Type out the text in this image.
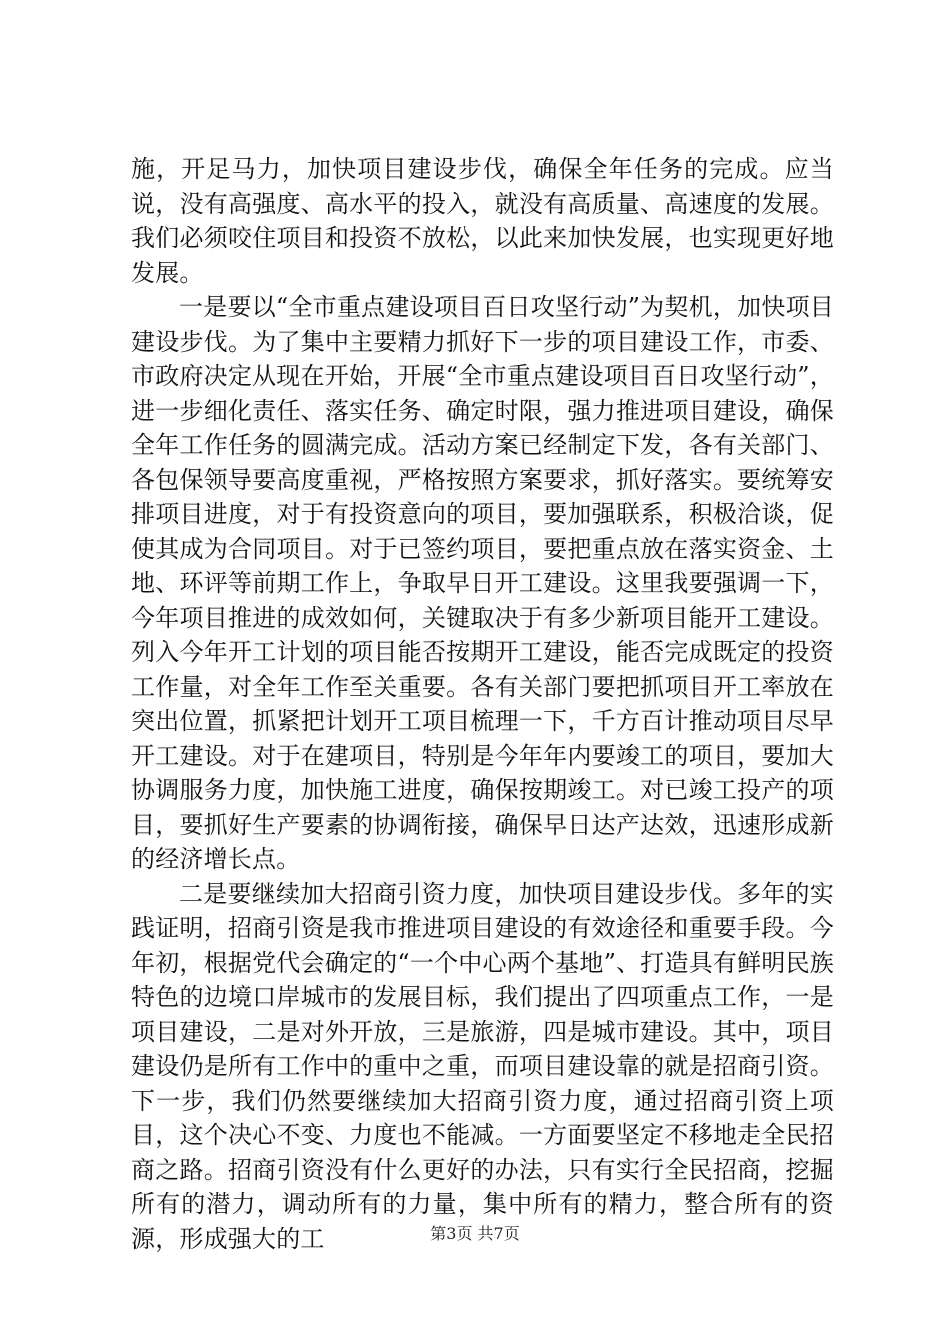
施，开足马力，加快项目建设步伐，确保全年任务的完成。应当说，没有高强度、高水平的投入，就没有高质量、高速度的发展。我们必须咬住项目和投资不放松，以此来加快发展，也实现更好地发展。

一是要以“全市重点建设项目百日攻坚行动”为契机，加快项目建设步伐。为了集中主要精力抓好下一步的项目建设工作，市委、市政府决定从现在开始，开展“全市重点建设项目百日攻坚行动”，进一步细化责任、落实任务、确定时限，强力推进项目建设，确保全年工作任务的圆满完成。活动方案已经制定下发，各有关部门、各包保领导要高度重视，严格按照方案要求，抓好落实。要统筹安排项目进度，对于有投资意向的项目，要加强联系，积极洽谈，促使其成为合同项目。对于已签约项目，要把重点放在落实资金、土地、环评等前期工作上，争取早日开工建设。这里我要强调一下，今年项目推进的成效如何，关键取决于有多少新项目能开工建设。列入今年开工计划的项目能否按期开工建设，能否完成既定的投资工作量，对全年工作至关重要。各有关部门要把抓项目开工率放在突出位置，抓紧把计划开工项目梳理一下，千方百计推动项目尽早开工建设。对于在建项目，特别是今年年内要竣工的项目，要加大协调服务力度，加快施工进度，确保按期竣工。对已竣工投产的项目，要抓好生产要素的协调衔接，确保早日达产达效，迅速形成新的经济增长点。

二是要继续加大招商引资力度，加快项目建设步伐。多年的实践证明，招商引资是我市推进项目建设的有效途径和重要手段。今年初，根据党代会确定的“一个中心两个基地”、打造具有鲜明民族特色的边境口岸城市的发展目标，我们提出了四项重点工作，一是项目建设，二是对外开放，三是旅游，四是城市建设。其中，项目建设仍是所有工作中的重中之重，而项目建设靠的就是招商引资。下一步，我们仍然要继续加大招商引资力度，通过招商引资上项目，这个决心不变、力度也不能减。一方面要坚定不移地走全民招商之路。招商引资没有什么更好的办法，只有实行全民招商，挖掘所有的潜力，调动所有的力量，集中所有的精力，整合所有的资源，形成强大的工	第3页 共7页
